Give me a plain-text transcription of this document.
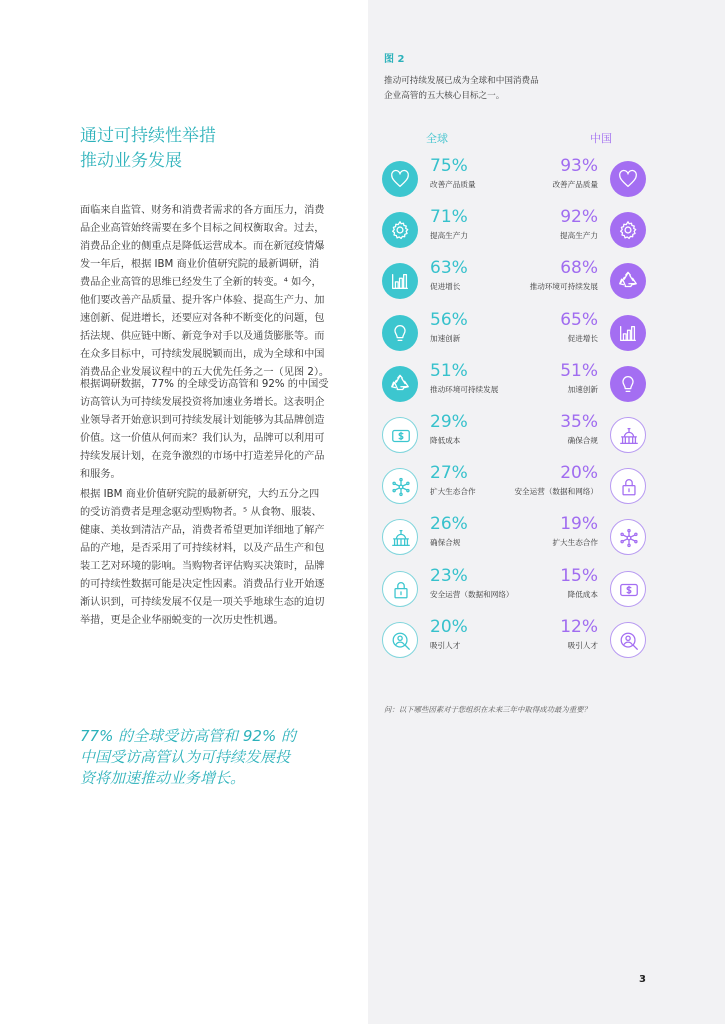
通过可持续性举措
推动业务发展
面临来自监管、财务和消费者需求的各方面压力，消费
品企业高管始终需要在多个目标之间权衡取舍。过去，
消费品企业的侧重点是降低运营成本。而在新冠疫情爆
发一年后，根据 IBM 商业价值研究院的最新调研，消
费品企业高管的思维已经发生了全新的转变。⁴ 如今，
他们要改善产品质量、提升客户体验、提高生产力、加
速创新、促进增长，还要应对各种不断变化的问题，包
括法规、供应链中断、新竞争对手以及通货膨胀等。而
在众多目标中，可持续发展脱颖而出，成为全球和中国
消费品企业发展议程中的五大优先任务之一（见图 2）。
根据调研数据，77% 的全球受访高管和 92% 的中国受
访高管认为可持续发展投资将加速业务增长。这表明企
业领导者开始意识到可持续发展计划能够为其品牌创造
价值。这一价值从何而来？我们认为，品牌可以利用可
持续发展计划，在竞争激烈的市场中打造差异化的产品
和服务。
根据 IBM 商业价值研究院的最新研究，大约五分之四
的受访消费者是理念驱动型购物者。⁵ 从食物、服装、
健康、美妆到清洁产品，消费者希望更加详细地了解产
品的产地，是否采用了可持续材料，以及产品生产和包
装工艺对环境的影响。当购物者评估购买决策时，品牌
的可持续性数据可能是决定性因素。消费品行业开始逐
渐认识到，可持续发展不仅是一项关乎地球生态的迫切
举措，更是企业华丽蜕变的一次历史性机遇。
77% 的全球受访高管和 92% 的
中国受访高管认为可持续发展投
资将加速推动业务增长。
图 2
推动可持续发展已成为全球和中国消费品
企业高管的五大核心目标之一。
全球	中国
75%
改善产品质量
93%
改善产品质量
71%
提高生产力
92%
提高生产力
63%
促进增长
68%
推动环境可持续发展
56%
加速创新
65%
促进增长
51%
推动环境可持续发展
51%
加速创新
29%
降低成本
35%
确保合规
27%
扩大生态合作
20%
安全运营（数据和网络）
26%
确保合规
19%
扩大生态合作
23%
安全运营（数据和网络）
15%
降低成本
20%
吸引人才
12%
吸引人才
问：以下哪些因素对于您组织在未来三年中取得成功最为重要？
3
